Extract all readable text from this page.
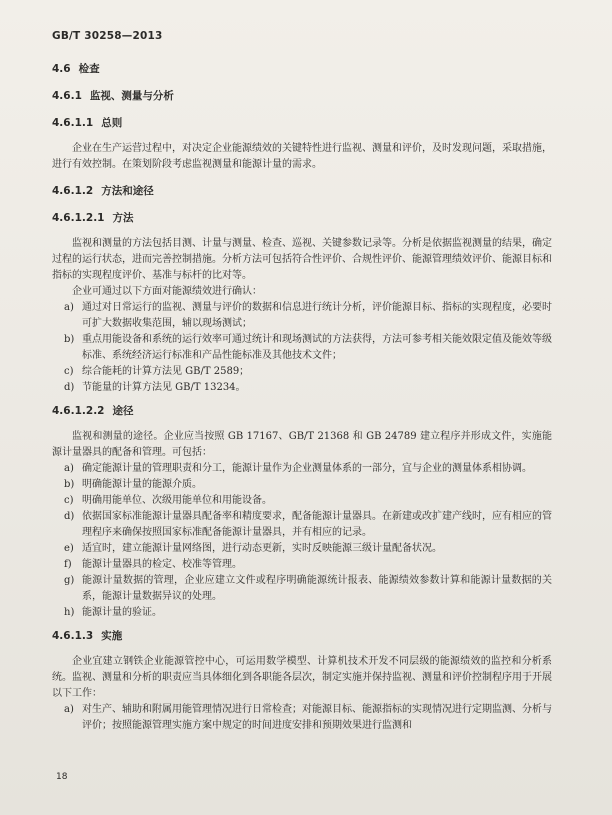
GB/T 30258—2013
4.6 检查
4.6.1 监视、测量与分析
4.6.1.1 总则

企业在生产运营过程中，对决定企业能源绩效的关键特性进行监视、测量和评价，及时发现问题，采取措施，进行有效控制。在策划阶段考虑监视测量和能源计量的需求。

4.6.1.2 方法和途径
4.6.1.2.1 方法

监视和测量的方法包括目测、计量与测量、检查、巡视、关键参数记录等。分析是依据监视测量的结果，确定过程的运行状态，进而完善控制措施。分析方法可包括符合性评价、合规性评价、能源管理绩效评价、能源目标和指标的实现程度评价、基准与标杆的比对等。

企业可通过以下方面对能源绩效进行确认：

a) 通过对日常运行的监视、测量与评价的数据和信息进行统计分析，评价能源目标、指标的实现程度，必要时可扩大数据收集范围，辅以现场测试；
b) 重点用能设备和系统的运行效率可通过统计和现场测试的方法获得，方法可参考相关能效限定值及能效等级标准、系统经济运行标准和产品性能标准及其他技术文件；
c) 综合能耗的计算方法见 GB/T 2589；
d) 节能量的计算方法见 GB/T 13234。
4.6.1.2.2 途径

监视和测量的途径。企业应当按照 GB 17167、GB/T 21368 和 GB 24789 建立程序并形成文件，实施能源计量器具的配备和管理。可包括：

a) 确定能源计量的管理职责和分工，能源计量作为企业测量体系的一部分，宜与企业的测量体系相协调。
b) 明确能源计量的能源介质。
c) 明确用能单位、次级用能单位和用能设备。
d) 依据国家标准能源计量器具配备率和精度要求，配备能源计量器具。在新建或改扩建产线时，应有相应的管理程序来确保按照国家标准配备能源计量器具，并有相应的记录。
e) 适宜时，建立能源计量网络图，进行动态更新，实时反映能源三级计量配备状况。
f) 能源计量器具的检定、校准等管理。
g) 能源计量数据的管理，企业应建立文件或程序明确能源统计报表、能源绩效参数计算和能源计量数据的关系，能源计量数据异议的处理。
h) 能源计量的验证。
4.6.1.3 实施

企业宜建立钢铁企业能源管控中心，可运用数学模型、计算机技术开发不同层级的能源绩效的监控和分析系统。监视、测量和分析的职责应当具体细化到各职能各层次，制定实施并保持监视、测量和评价控制程序用于开展以下工作：

a) 对生产、辅助和附属用能管理情况进行日常检查；对能源目标、能源指标的实现情况进行定期监测、分析与评价；按照能源管理实施方案中规定的时间进度安排和预期效果进行监测和
18
